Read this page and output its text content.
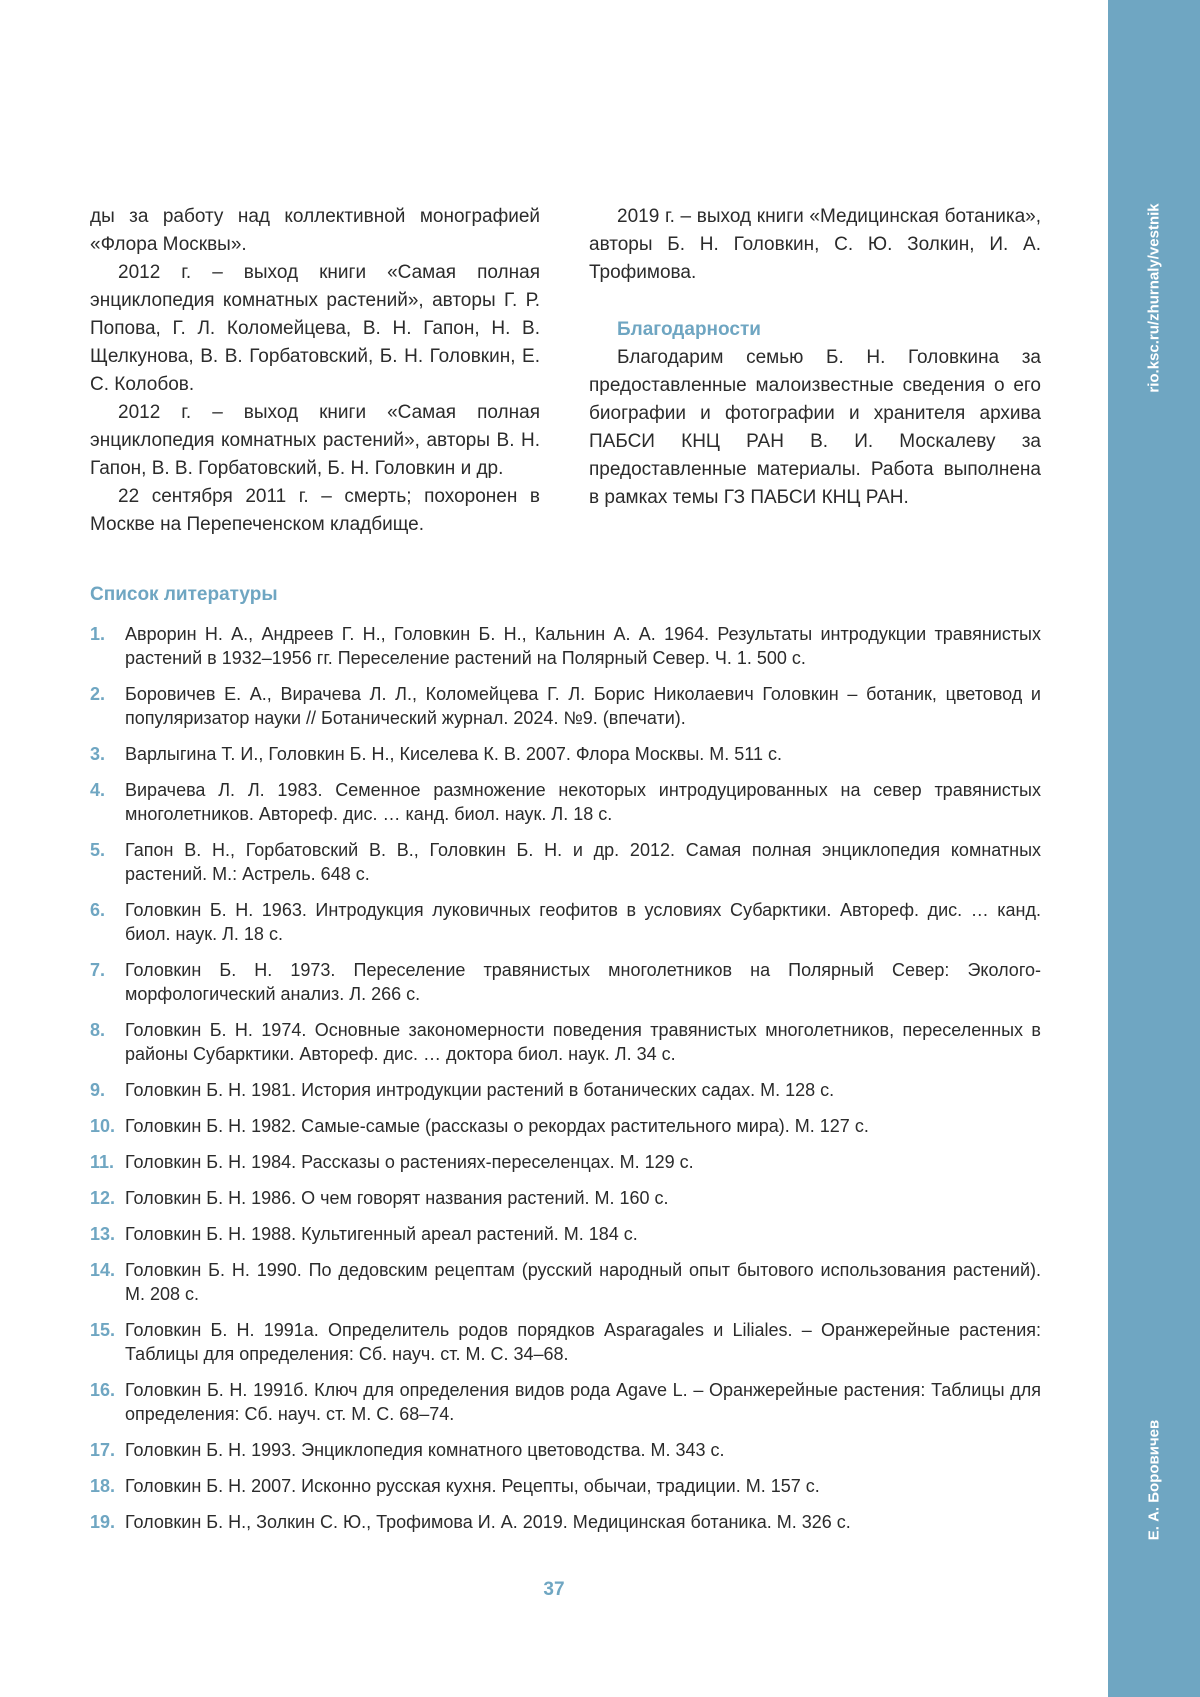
rio.ksc.ru/zhurnaly/vestnik
Е. А. Боровичев

ды за работу над коллективной монографией «Флора Москвы».

2012 г. – выход книги «Самая полная энциклопедия комнатных растений», авторы Г. Р. Попова, Г. Л. Коломейцева, В. Н. Гапон, Н. В. Щелкунова, В. В. Горбатовский, Б. Н. Головкин, Е. С. Колобов.

2012 г. – выход книги «Самая полная энциклопедия комнатных растений», авторы В. Н. Гапон, В. В. Горбатовский, Б. Н. Головкин и др.

22 сентября 2011 г. – смерть; похоронен в Москве на Перепеченском кладбище.

2019 г. – выход книги «Медицинская ботаника», авторы Б. Н. Головкин, С. Ю. Золкин, И. А. Трофимова.

Благодарности

Благодарим семью Б. Н. Головкина за предоставленные малоизвестные сведения о его биографии и фотографии и хранителя архива ПАБСИ КНЦ РАН В. И. Москалеву за предоставленные материалы. Работа выполнена в рамках темы ГЗ ПАБСИ КНЦ РАН.

Список литературы
1. Аврорин Н. А., Андреев Г. Н., Головкин Б. Н., Кальнин А. А. 1964. Результаты интродукции травянистых растений в 1932–1956 гг. Переселение растений на Полярный Север. Ч. 1. 500 с.
2. Боровичев Е. А., Вирачева Л. Л., Коломейцева Г. Л. Борис Николаевич Головкин – ботаник, цветовод и популяризатор науки // Ботанический журнал. 2024. №9. (впечати).
3. Варлыгина Т. И., Головкин Б. Н., Киселева К. В. 2007. Флора Москвы. М. 511 с.
4. Вирачева Л. Л. 1983. Семенное размножение некоторых интродуцированных на север травянистых многолетников. Автореф. дис. … канд. биол. наук. Л. 18 с.
5. Гапон В. Н., Горбатовский В. В., Головкин Б. Н. и др. 2012. Самая полная энциклопедия комнатных растений. М.: Астрель. 648 с.
6. Головкин Б. Н. 1963. Интродукция луковичных геофитов в условиях Субарктики. Автореф. дис. … канд. биол. наук. Л. 18 с.
7. Головкин Б. Н. 1973. Переселение травянистых многолетников на Полярный Север: Эколого-морфологический анализ. Л. 266 с.
8. Головкин Б. Н. 1974. Основные закономерности поведения травянистых многолетников, переселенных в районы Субарктики. Автореф. дис. … доктора биол. наук. Л. 34 с.
9. Головкин Б. Н. 1981. История интродукции растений в ботанических садах. М. 128 с.
10. Головкин Б. Н. 1982. Самые-самые (рассказы о рекордах растительного мира). М. 127 с.
11. Головкин Б. Н. 1984. Рассказы о растениях-переселенцах. М. 129 с.
12. Головкин Б. Н. 1986. О чем говорят названия растений. М. 160 с.
13. Головкин Б. Н. 1988. Культигенный ареал растений. М. 184 с.
14. Головкин Б. Н. 1990. По дедовским рецептам (русский народный опыт бытового использования растений). М. 208 с.
15. Головкин Б. Н. 1991а. Определитель родов порядков Asparagales и Liliales. – Оранжерейные растения: Таблицы для определения: Сб. науч. ст. М. С. 34–68.
16. Головкин Б. Н. 1991б. Ключ для определения видов рода Agave L. – Оранжерейные растения: Таблицы для определения: Сб. науч. ст. М. С. 68–74.
17. Головкин Б. Н. 1993. Энциклопедия комнатного цветоводства. М. 343 с.
18. Головкин Б. Н. 2007. Исконно русская кухня. Рецепты, обычаи, традиции. М. 157 с.
19. Головкин Б. Н., Золкин С. Ю., Трофимова И. А. 2019. Медицинская ботаника. М. 326 с.
37
